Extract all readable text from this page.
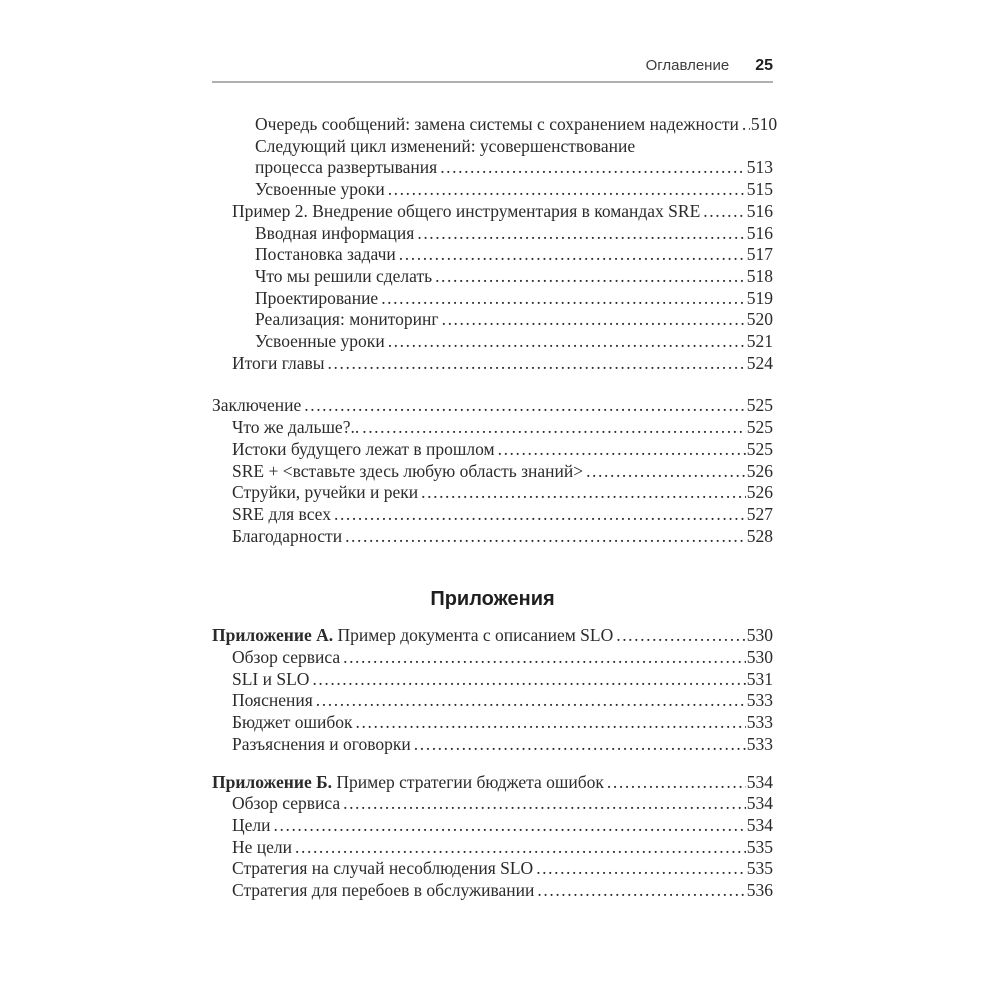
Оглавление 25
Очередь сообщений: замена системы с сохранением надежности ..... 510
Следующий цикл изменений: усовершенствование
процесса развертывания .....	513
Усвоенные уроки .....	515
Пример 2. Внедрение общего инструментария в командах SRE .....	516
Вводная информация .....	516
Постановка задачи .....	517
Что мы решили сделать .....	518
Проектирование .....	519
Реализация: мониторинг .....	520
Усвоенные уроки .....	521
Итоги главы .....	524
Заключение .....	525
Что же дальше?.. .....	525
Истоки будущего лежат в прошлом .....	525
SRE + <вставьте здесь любую область знаний> .....	526
Струйки, ручейки и реки .....	526
SRE для всех .....	527
Благодарности .....	528
Приложения
Приложение А. Пример документа с описанием SLO .....	530
Обзор сервиса .....	530
SLI и SLO .....	531
Пояснения .....	533
Бюджет ошибок .....	533
Разъяснения и оговорки .....	533
Приложение Б. Пример стратегии бюджета ошибок .....	534
Обзор сервиса .....	534
Цели .....	534
Не цели .....	535
Стратегия на случай несоблюдения SLO .....	535
Стратегия для перебоев в обслуживании .....	536
